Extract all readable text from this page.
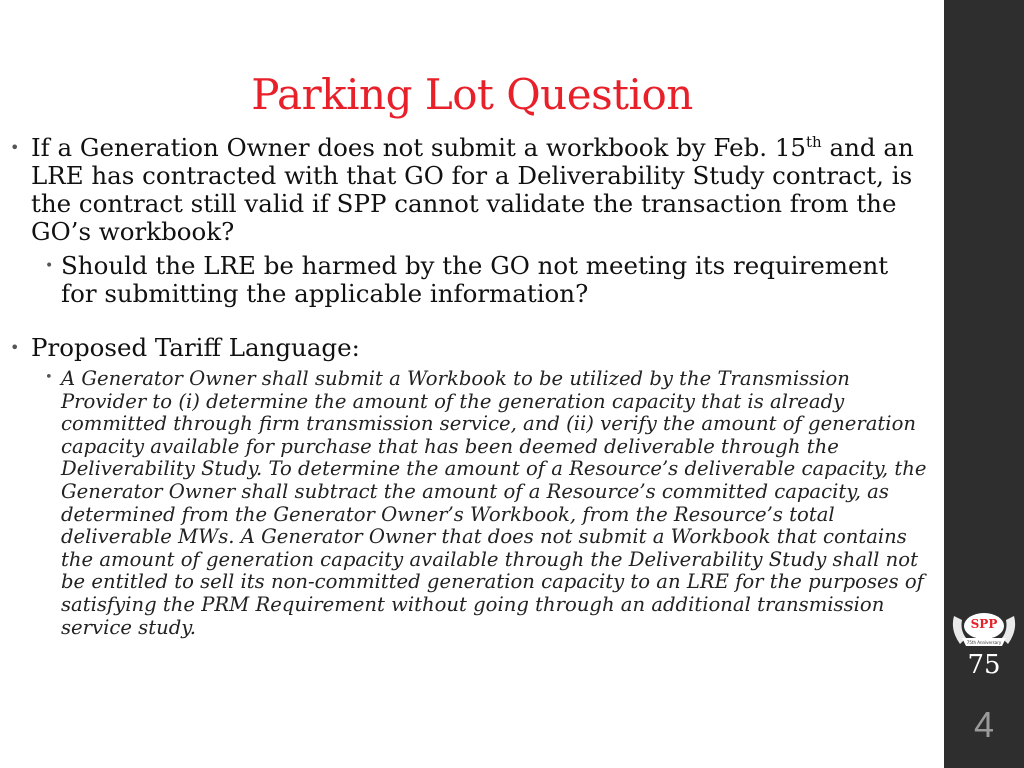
Parking Lot Question
• If a Generation Owner does not submit a workbook by Feb. 15th and an LRE has contracted with that GO for a Deliverability Study contract, is the contract still valid if SPP cannot validate the transaction from the GO’s workbook?
• Should the LRE be harmed by the GO not meeting its requirement for submitting the applicable information?
• Proposed Tariff Language:
• A Generator Owner shall submit a Workbook to be utilized by the Transmission Provider to (i) determine the amount of the generation capacity that is already committed through firm transmission service, and (ii) verify the amount of generation capacity available for purchase that has been deemed deliverable through the Deliverability Study. To determine the amount of a Resource’s deliverable capacity, the Generator Owner shall subtract the amount of a Resource’s committed capacity, as determined from the Generator Owner’s Workbook, from the Resource’s total deliverable MWs. A Generator Owner that does not submit a Workbook that contains the amount of generation capacity available through the Deliverability Study shall not be entitled to sell its non-committed generation capacity to an LRE for the purposes of satisfying the PRM Requirement without going through an additional transmission service study.	SPP
75th Anniversary
75
4
